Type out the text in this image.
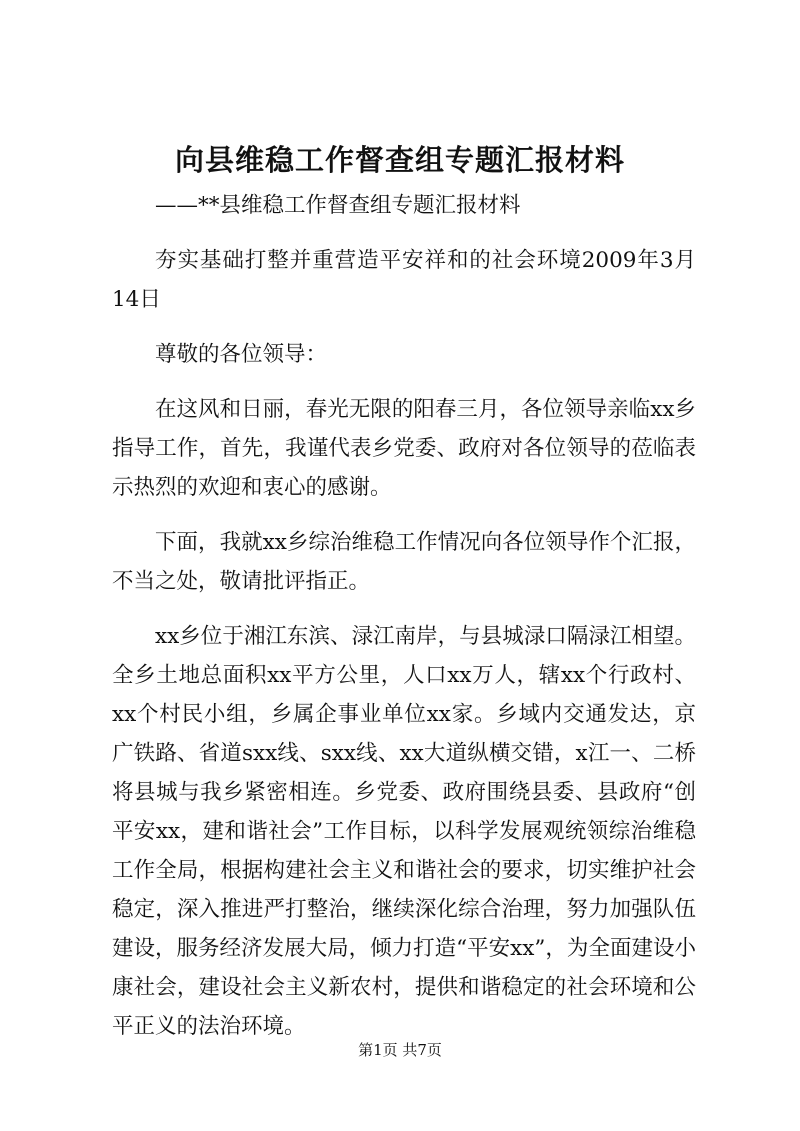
向县维稳工作督查组专题汇报材料

——**县维稳工作督查组专题汇报材料

夯实基础打整并重营造平安祥和的社会环境2009年3月14日

尊敬的各位领导：

在这风和日丽，春光无限的阳春三月，各位领导亲临xx乡指导工作，首先，我谨代表乡党委、政府对各位领导的莅临表示热烈的欢迎和衷心的感谢。

下面，我就xx乡综治维稳工作情况向各位领导作个汇报，不当之处，敬请批评指正。

xx乡位于湘江东滨、渌江南岸，与县城渌口隔渌江相望。全乡土地总面积xx平方公里，人口xx万人，辖xx个行政村、xx个村民小组，乡属企事业单位xx家。乡域内交通发达，京广铁路、省道sxx线、sxx线、xx大道纵横交错，x江一、二桥将县城与我乡紧密相连。乡党委、政府围绕县委、县政府“创平安xx，建和谐社会”工作目标，以科学发展观统领综治维稳工作全局，根据构建社会主义和谐社会的要求，切实维护社会稳定，深入推进严打整治，继续深化综合治理，努力加强队伍建设，服务经济发展大局，倾力打造“平安xx”，为全面建设小康社会，建设社会主义新农村，提供和谐稳定的社会环境和公平正义的法治环境。

第1页 共7页
